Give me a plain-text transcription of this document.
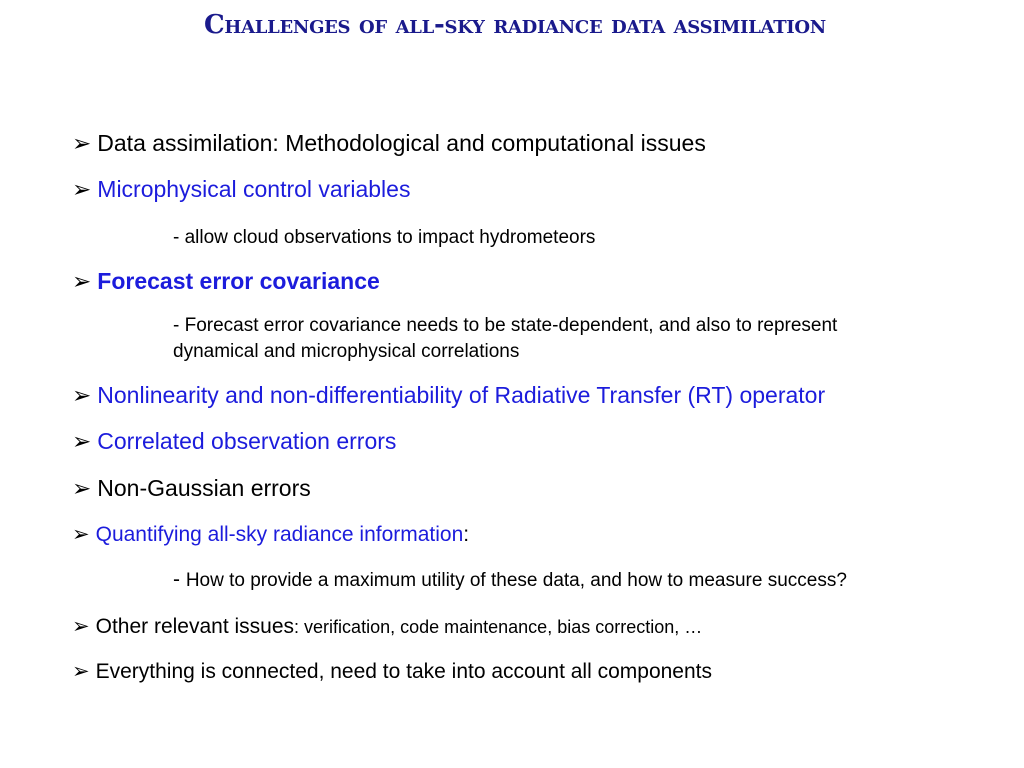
Challenges of all-sky radiance data assimilation
➢ Data assimilation: Methodological and computational issues
➢ Microphysical control variables
- allow cloud observations to impact hydrometeors
➢ Forecast error covariance
- Forecast error covariance needs to be state-dependent, and also to represent
dynamical and microphysical correlations
➢ Nonlinearity and non-differentiability of Radiative Transfer (RT) operator
➢ Correlated observation errors
➢ Non-Gaussian errors
➢ Quantifying all-sky radiance information:
- How to provide a maximum utility of these data, and how to measure success?
➢ Other relevant issues: verification, code maintenance, bias correction, …
➢ Everything is connected, need to take into account all components
